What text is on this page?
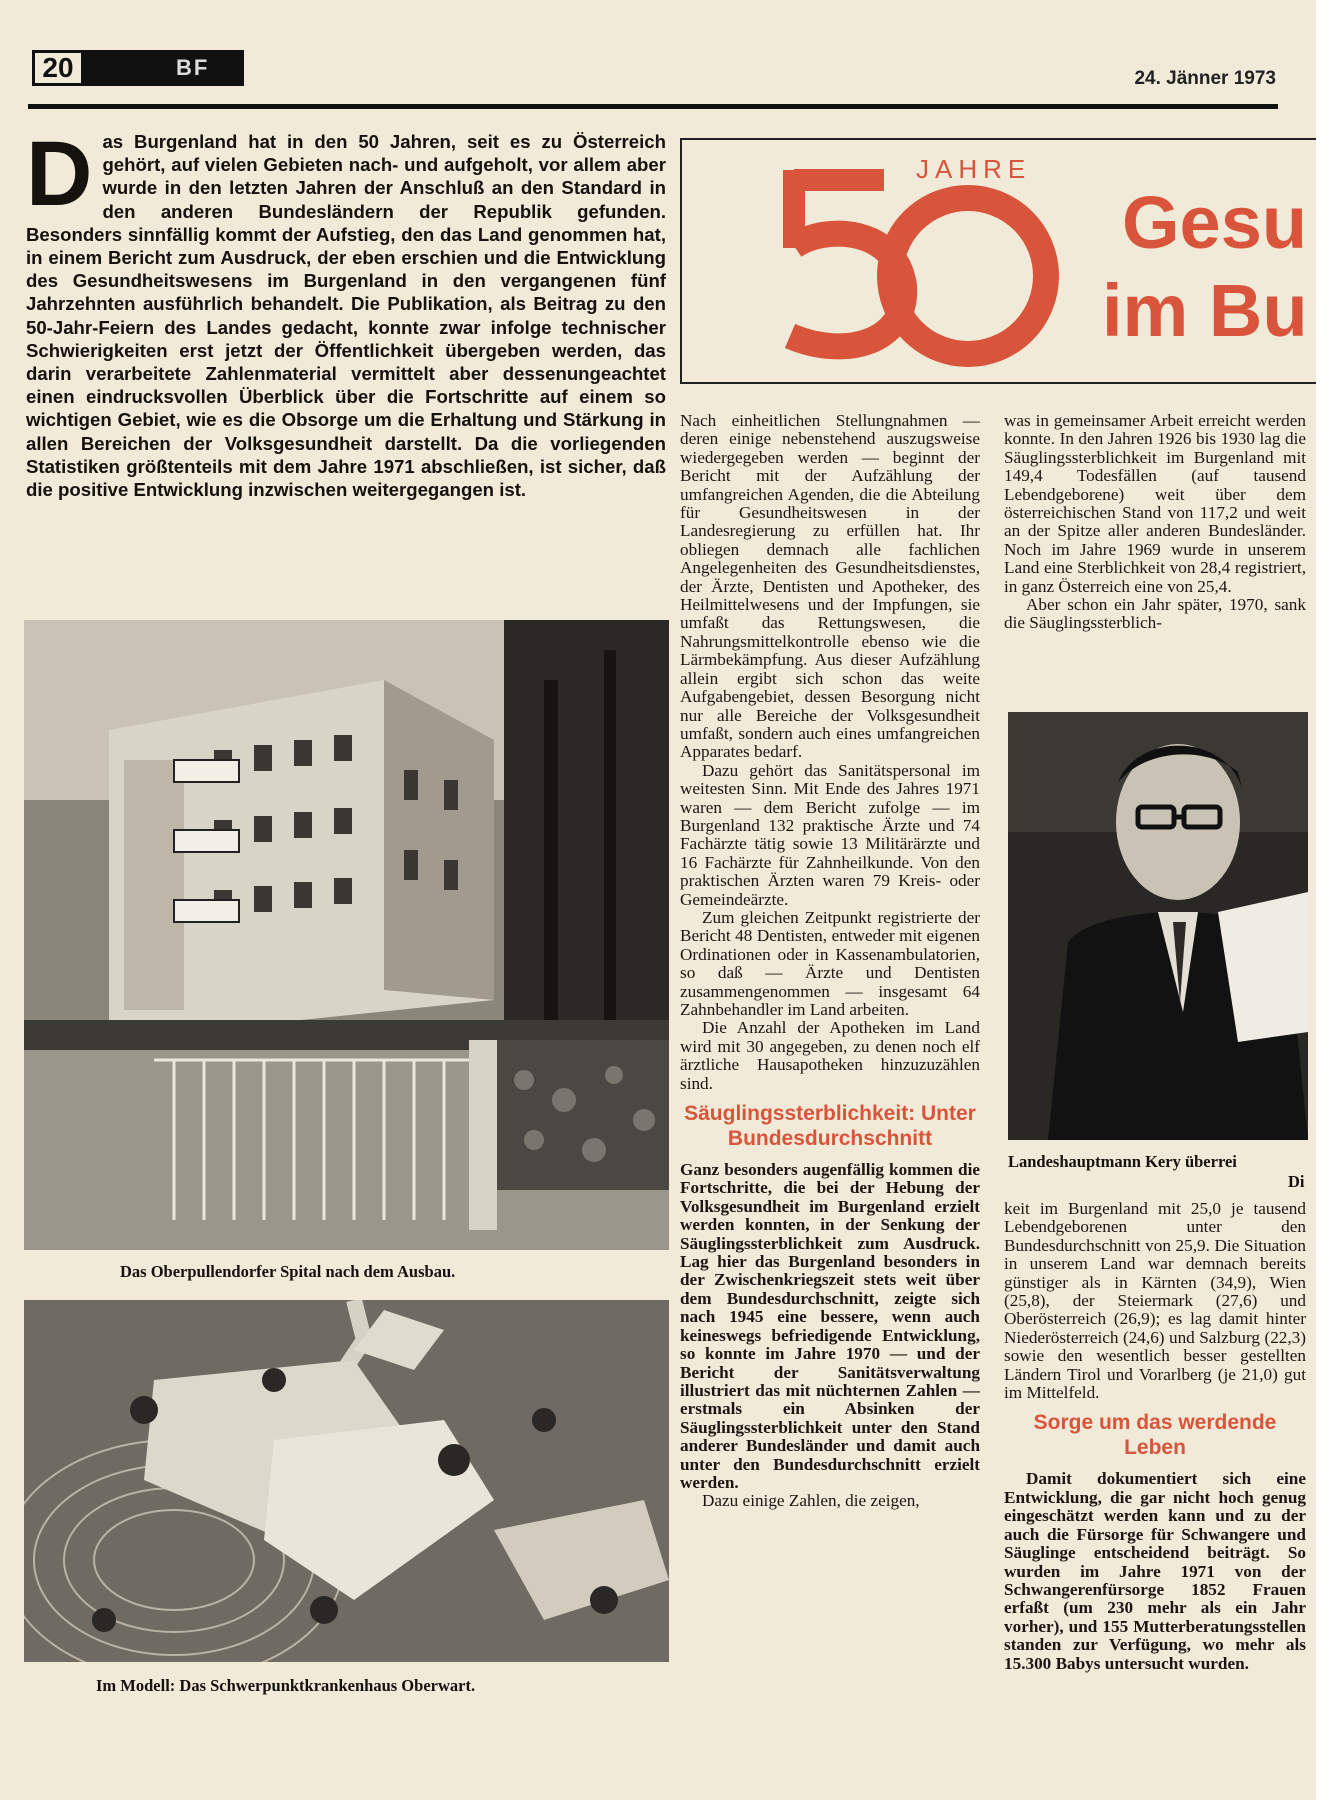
20	BF	24. Jänner 1973
Das Burgenland hat in den 50 Jahren, seit es zu Österreich gehört, auf vielen Gebieten nach- und aufgeholt, vor allem aber wurde in den letzten Jahren der Anschluß an den Standard in den anderen Bundesländern der Republik gefunden. Besonders sinnfällig kommt der Aufstieg, den das Land genommen hat, in einem Bericht zum Ausdruck, der eben erschien und die Entwicklung des Gesundheitswesens im Burgenland in den vergangenen fünf Jahrzehnten ausführlich behandelt. Die Publikation, als Beitrag zu den 50-Jahr-Feiern des Landes gedacht, konnte zwar infolge technischer Schwierigkeiten erst jetzt der Öffentlichkeit übergeben werden, das darin verarbeitete Zahlenmaterial vermittelt aber dessenungeachtet einen eindrucksvollen Überblick über die Fortschritte auf einem so wichtigen Gebiet, wie es die Obsorge um die Erhaltung und Stärkung in allen Bereichen der Volksgesundheit darstellt. Da die vorliegenden Statistiken größtenteils mit dem Jahre 1971 abschließen, ist sicher, daß die positive Entwicklung inzwischen weitergegangen ist.
JAHRE
Gesu
im Bu
Das Oberpullendorfer Spital nach dem Ausbau.
Im Modell: Das Schwerpunktkrankenhaus Oberwart.

Nach einheitlichen Stellungnahmen — deren einige nebenstehend auszugsweise wiedergegeben werden — beginnt der Bericht mit der Aufzählung der umfangreichen Agenden, die die Abteilung für Gesundheitswesen in der Landesregierung zu erfüllen hat. Ihr obliegen demnach alle fachlichen Angelegenheiten des Gesundheitsdienstes, der Ärzte, Dentisten und Apotheker, des Heilmittelwesens und der Impfungen, sie umfaßt das Rettungswesen, die Nahrungsmittelkontrolle ebenso wie die Lärmbekämpfung. Aus dieser Aufzählung allein ergibt sich schon das weite Aufgabengebiet, dessen Besorgung nicht nur alle Bereiche der Volksgesundheit umfaßt, sondern auch eines umfangreichen Apparates bedarf.

Dazu gehört das Sanitätspersonal im weitesten Sinn. Mit Ende des Jahres 1971 waren — dem Bericht zufolge — im Burgenland 132 praktische Ärzte und 74 Fachärzte tätig sowie 13 Militärärzte und 16 Fachärzte für Zahnheilkunde. Von den praktischen Ärzten waren 79 Kreis- oder Gemeindeärzte.

Zum gleichen Zeitpunkt registrierte der Bericht 48 Dentisten, entweder mit eigenen Ordinationen oder in Kassenambulatorien, so daß — Ärzte und Dentisten zusammengenommen — insgesamt 64 Zahnbehandler im Land arbeiten.

Die Anzahl der Apotheken im Land wird mit 30 angegeben, zu denen noch elf ärztliche Hausapotheken hinzuzuzählen sind.

Säuglingssterblichkeit: Unter Bundesdurchschnitt

Ganz besonders augenfällig kommen die Fortschritte, die bei der Hebung der Volksgesundheit im Burgenland erzielt werden konnten, in der Senkung der Säuglingssterblichkeit zum Ausdruck. Lag hier das Burgenland besonders in der Zwischenkriegszeit stets weit über dem Bundesdurchschnitt, zeigte sich nach 1945 eine bessere, wenn auch keineswegs befriedigende Entwicklung, so konnte im Jahre 1970 — und der Bericht der Sanitätsverwaltung illustriert das mit nüchternen Zahlen — erstmals ein Absinken der Säuglingssterblichkeit unter den Stand anderer Bundesländer und damit auch unter den Bundesdurchschnitt erzielt werden.

Dazu einige Zahlen, die zeigen,

was in gemeinsamer Arbeit erreicht werden konnte. In den Jahren 1926 bis 1930 lag die Säuglingssterblichkeit im Burgenland mit 149,4 Todesfällen (auf tausend Lebendgeborene) weit über dem österreichischen Stand von 117,2 und weit an der Spitze aller anderen Bundesländer. Noch im Jahre 1969 wurde in unserem Land eine Sterblichkeit von 28,4 registriert, in ganz Österreich eine von 25,4.

Aber schon ein Jahr später, 1970, sank die Säuglingssterblich-

Landeshauptmann Kery überrei
Di

keit im Burgenland mit 25,0 je tausend Lebendgeborenen unter den Bundesdurchschnitt von 25,9. Die Situation in unserem Land war demnach bereits günstiger als in Kärnten (34,9), Wien (25,8), der Steiermark (27,6) und Oberösterreich (26,9); es lag damit hinter Niederösterreich (24,6) und Salzburg (22,3) sowie den wesentlich besser gestellten Ländern Tirol und Vorarlberg (je 21,0) gut im Mittelfeld.

Sorge um das werdende Leben

Damit dokumentiert sich eine Entwicklung, die gar nicht hoch genug eingeschätzt werden kann und zu der auch die Fürsorge für Schwangere und Säuglinge entscheidend beiträgt. So wurden im Jahre 1971 von der Schwangerenfürsorge 1852 Frauen erfaßt (um 230 mehr als ein Jahr vorher), und 155 Mutterberatungsstellen standen zur Verfügung, wo mehr als 15.300 Babys untersucht wurden.
